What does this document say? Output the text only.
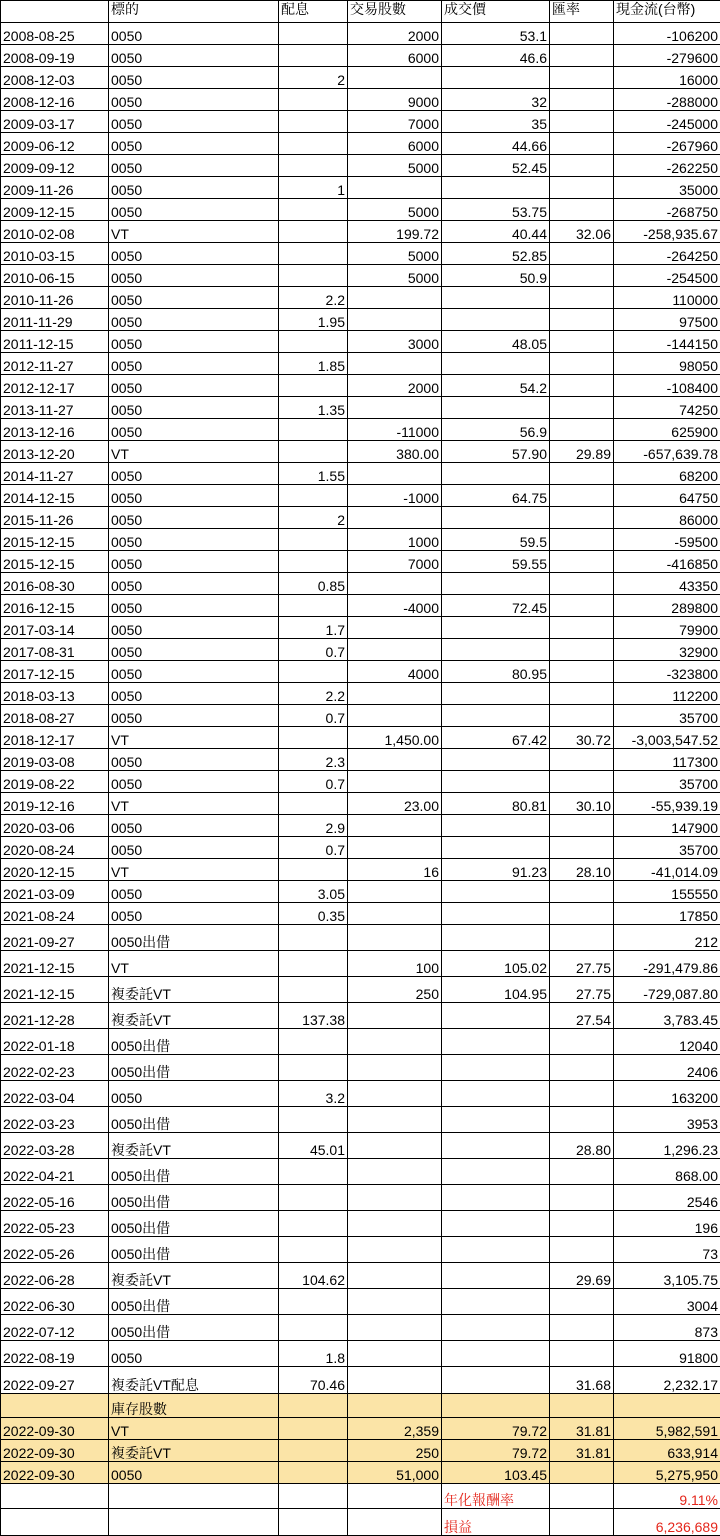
	標的	配息	交易股數	成交價	匯率	現金流(台幣)
2008-08-25	0050		2000	53.1		-106200
2008-09-19	0050		6000	46.6		-279600
2008-12-03	0050	2				16000
2008-12-16	0050		9000	32		-288000
2009-03-17	0050		7000	35		-245000
2009-06-12	0050		6000	44.66		-267960
2009-09-12	0050		5000	52.45		-262250
2009-11-26	0050	1				35000
2009-12-15	0050		5000	53.75		-268750
2010-02-08	VT		199.72	40.44	32.06	-258,935.67
2010-03-15	0050		5000	52.85		-264250
2010-06-15	0050		5000	50.9		-254500
2010-11-26	0050	2.2				110000
2011-11-29	0050	1.95				97500
2011-12-15	0050		3000	48.05		-144150
2012-11-27	0050	1.85				98050
2012-12-17	0050		2000	54.2		-108400
2013-11-27	0050	1.35				74250
2013-12-16	0050		-11000	56.9		625900
2013-12-20	VT		380.00	57.90	29.89	-657,639.78
2014-11-27	0050	1.55				68200
2014-12-15	0050		-1000	64.75		64750
2015-11-26	0050	2				86000
2015-12-15	0050		1000	59.5		-59500
2015-12-15	0050		7000	59.55		-416850
2016-08-30	0050	0.85				43350
2016-12-15	0050		-4000	72.45		289800
2017-03-14	0050	1.7				79900
2017-08-31	0050	0.7				32900
2017-12-15	0050		4000	80.95		-323800
2018-03-13	0050	2.2				112200
2018-08-27	0050	0.7				35700
2018-12-17	VT		1,450.00	67.42	30.72	-3,003,547.52
2019-03-08	0050	2.3				117300
2019-08-22	0050	0.7				35700
2019-12-16	VT		23.00	80.81	30.10	-55,939.19
2020-03-06	0050	2.9				147900
2020-08-24	0050	0.7				35700
2020-12-15	VT		16	91.23	28.10	-41,014.09
2021-03-09	0050	3.05				155550
2021-08-24	0050	0.35				17850
2021-09-27	0050出借					212
2021-12-15	VT		100	105.02	27.75	-291,479.86
2021-12-15	複委託VT		250	104.95	27.75	-729,087.80
2021-12-28	複委託VT	137.38			27.54	3,783.45
2022-01-18	0050出借					12040
2022-02-23	0050出借					2406
2022-03-04	0050	3.2				163200
2022-03-23	0050出借					3953
2022-03-28	複委託VT	45.01			28.80	1,296.23
2022-04-21	0050出借					868.00
2022-05-16	0050出借					2546
2022-05-23	0050出借					196
2022-05-26	0050出借					73
2022-06-28	複委託VT	104.62			29.69	3,105.75
2022-06-30	0050出借					3004
2022-07-12	0050出借					873
2022-08-19	0050	1.8				91800
2022-09-27	複委託VT配息	70.46			31.68	2,232.17
	庫存股數					
2022-09-30	VT		2,359	79.72	31.81	5,982,591
2022-09-30	複委託VT		250	79.72	31.81	633,914
2022-09-30	0050		51,000	103.45		5,275,950
				年化報酬率		9.11%
				損益		6,236,689
